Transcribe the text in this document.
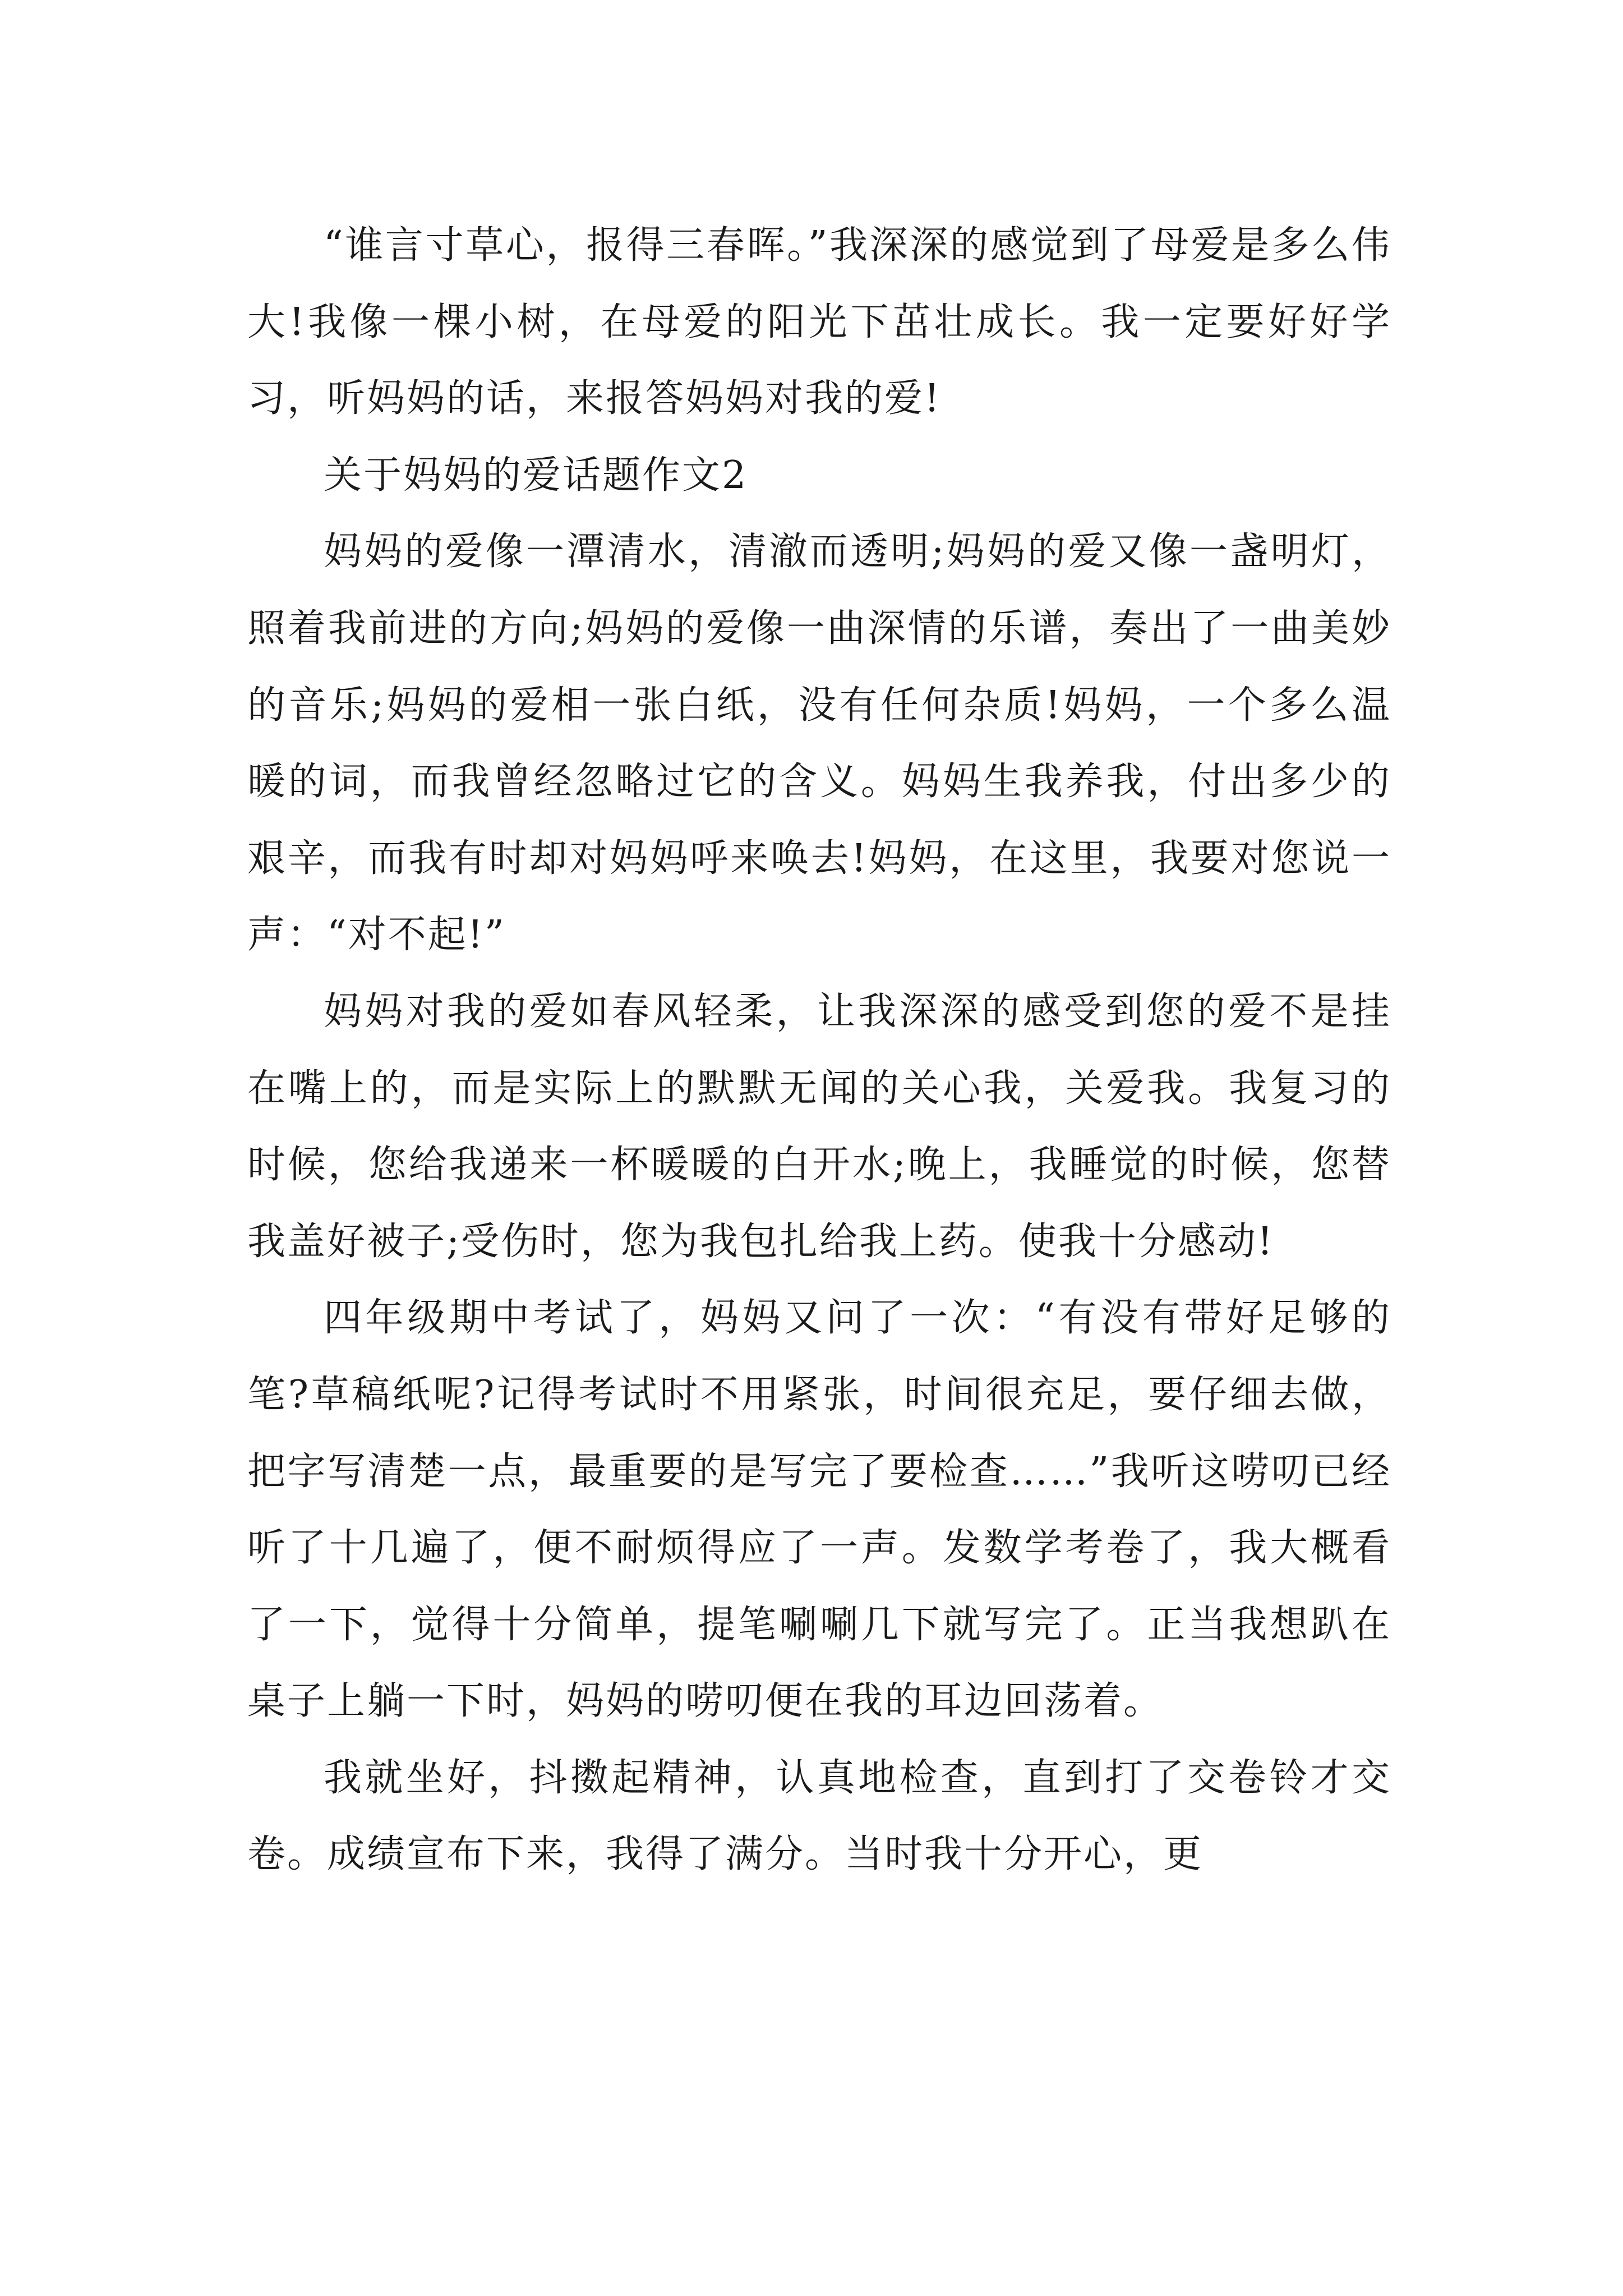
“谁言寸草心，报得三春晖。”我深深的感觉到了母爱是多么伟大!我像一棵小树，在母爱的阳光下茁壮成长。我一定要好好学习，听妈妈的话，来报答妈妈对我的爱!

关于妈妈的爱话题作文2

妈妈的爱像一潭清水，清澈而透明;妈妈的爱又像一盏明灯，照着我前进的方向;妈妈的爱像一曲深情的乐谱，奏出了一曲美妙的音乐;妈妈的爱相一张白纸，没有任何杂质!妈妈，一个多么温暖的词，而我曾经忽略过它的含义。妈妈生我养我，付出多少的艰辛，而我有时却对妈妈呼来唤去!妈妈，在这里，我要对您说一声：“对不起!”

妈妈对我的爱如春风轻柔，让我深深的感受到您的爱不是挂在嘴上的，而是实际上的默默无闻的关心我，关爱我。我复习的时候，您给我递来一杯暖暖的白开水;晚上，我睡觉的时候，您替我盖好被子;受伤时，您为我包扎给我上药。使我十分感动!

四年级期中考试了，妈妈又问了一次：“有没有带好足够的笔?草稿纸呢?记得考试时不用紧张，时间很充足，要仔细去做，把字写清楚一点，最重要的是写完了要检查……”我听这唠叨已经听了十几遍了，便不耐烦得应了一声。发数学考卷了，我大概看了一下，觉得十分简单，提笔唰唰几下就写完了。正当我想趴在桌子上躺一下时，妈妈的唠叨便在我的耳边回荡着。

我就坐好，抖擞起精神，认真地检查，直到打了交卷铃才交卷。成绩宣布下来，我得了满分。当时我十分开心，更
